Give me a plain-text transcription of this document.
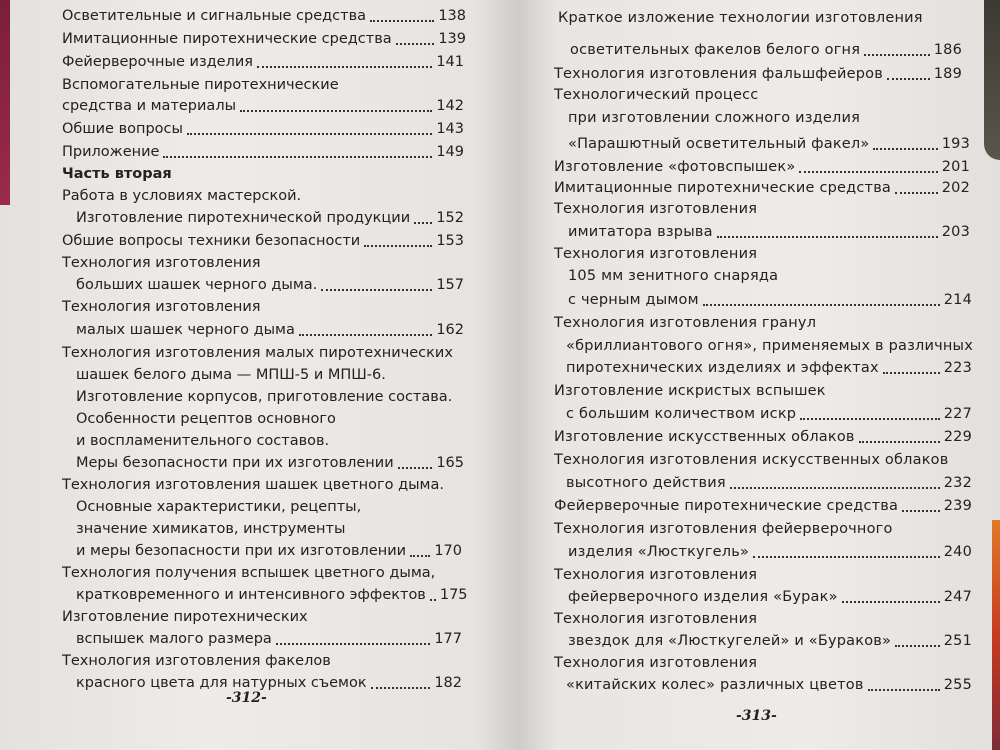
Осветительные и сигнальные средства	138
Имитационные пиротехнические средства	139
Фейерверочные изделия	141
Вспомогательные пиротехнические
средства и материалы	142
Обшие вопросы	143
Приложение	149
Часть вторая
Работа в условиях мастерской.
Изготовление пиротехнической продукции 152
Обшие вопросы техники безопасности	153
Технология изготовления
больших шашек черного дыма.	157
Технология изготовления
малых шашек черного дыма	162
Технология изготовления малых пиротехнических
шашек белого дыма — МПШ-5 и МПШ-6.
Изготовление корпусов, приготовление состава.
Особенности рецептов основного
и воспламенительного составов.
Меры безопасности при их изготовлении	165
Технология изготовления шашек цветного дыма.
Основные характеристики, рецепты,
значение химикатов, инструменты
и меры безопасности при их изготовлении 170
Технология получения вспышек цветного дыма,
кратковременного и интенсивного эффектов 175
Изготовление пиротехнических
вспышек малого размера	177
Технология изготовления факелов
красного цвета для натурных съемок	182
-312-
Краткое изложение технологии изготовления
осветительных факелов белого огня	186
Технология изготовления фальшфейеров	189
Технологический процесс
при изготовлении сложного изделия
«Парашютный осветительный факел»	193
Изготовление «фотовспышек»	201
Имитационные пиротехнические средства	202
Технология изготовления
имитатора взрыва	203
Технология изготовления
105 мм зенитного снаряда
с черным дымом	214
Технология изготовления гранул
«бриллиантового огня», применяемых в различных
пиротехнических изделиях и эффектах	223
Изготовление искристых вспышек
с большим количеством искр	227
Изготовление искусственных облаков	229
Технология изготовления искусственных облаков
высотного действия	232
Фейерверочные пиротехнические средства	239
Технология изготовления фейерверочного
изделия «Люсткугель»	240
Технология изготовления
фейерверочного изделия «Бурак»	247
Технология изготовления
звездок для «Люсткугелей» и «Бураков»	251
Технология изготовления
«китайских колес» различных цветов	255
-313-
